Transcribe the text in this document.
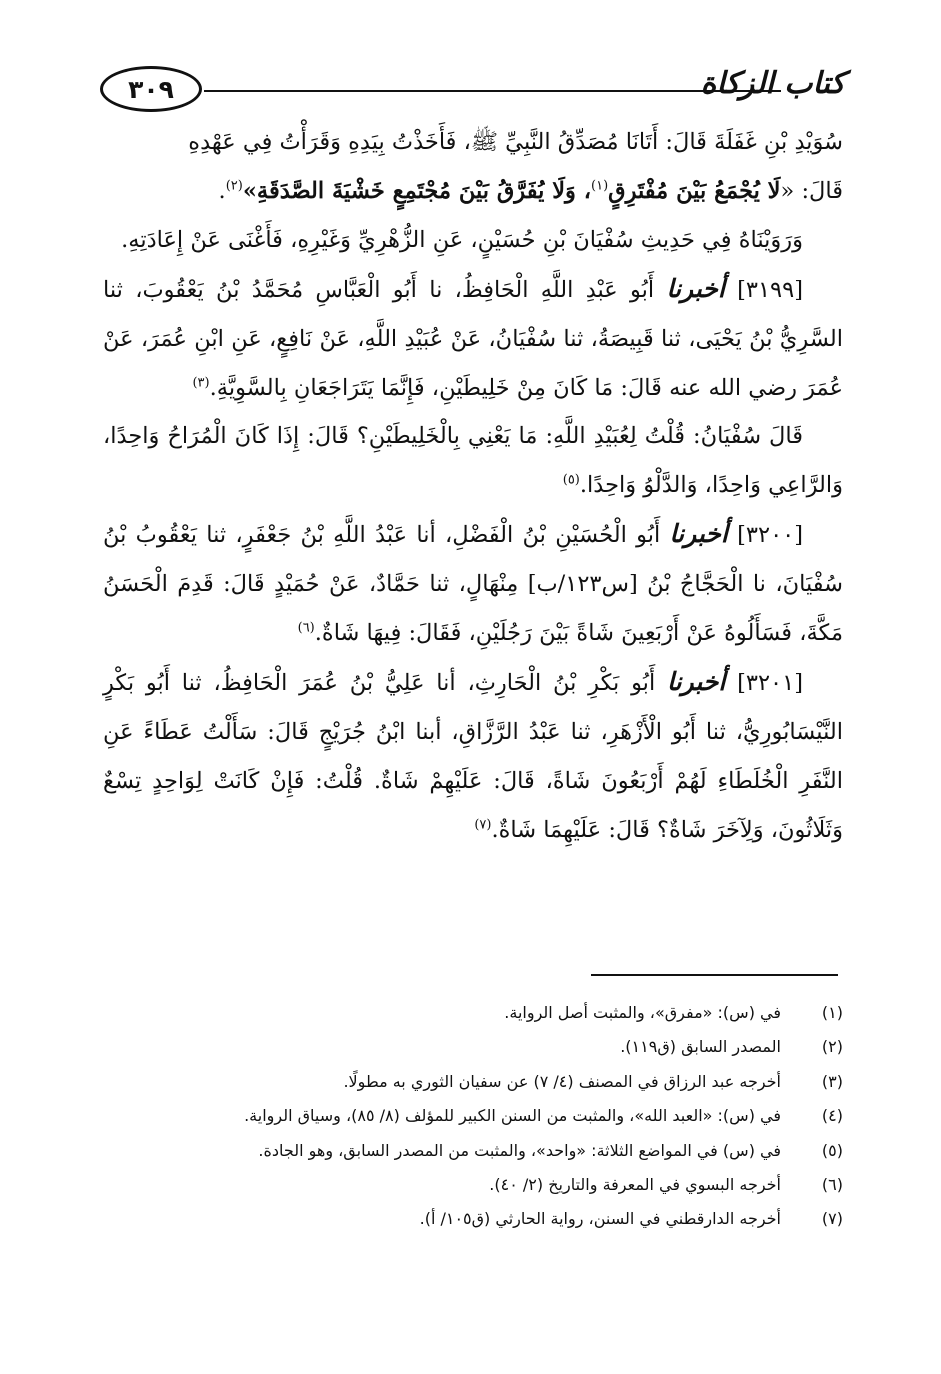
٣٠٩	كتاب الزكاة

سُوَيْدِ بْنِ غَفَلَةَ قَالَ: أَتَانَا مُصَدِّقُ النَّبِيِّ ﷺ، فَأَخَذْتُ بِيَدِهِ وَقَرَأْتُ فِي عَهْدِهِ
قَالَ: «لَا يُجْمَعُ بَيْنَ مُفْتَرِقٍ$^{(١)}$، وَلَا يُفَرَّقُ بَيْنَ مُجْتَمِعٍ خَشْيَةَ الصَّدَقَةِ»$^{(٢)}$.

وَرَوَيْنَاهُ فِي حَدِيثِ سُفْيَانَ بْنِ حُسَيْنٍ، عَنِ الزُّهْرِيِّ وَغَيْرِهِ، فَأَغْنَى عَنْ إِعَادَتِهِ.

[٣١٩٩] أخبرنا أَبُو عَبْدِ اللَّهِ الْحَافِظُ، نا أَبُو الْعَبَّاسِ مُحَمَّدُ بْنُ يَعْقُوبَ، ثنا السَّرِيُّ بْنُ يَحْيَى، ثنا قَبِيصَةُ، ثنا سُفْيَانُ، عَنْ عُبَيْدِ اللَّهِ، عَنْ نَافِعٍ، عَنِ ابْنِ عُمَرَ، عَنْ عُمَرَ رضي الله عنه قَالَ: مَا كَانَ مِنْ خَلِيطَيْنِ، فَإِنَّمَا يَتَرَاجَعَانِ بِالسَّوِيَّةِ.$^{(٣)}$

قَالَ سُفْيَانُ: قُلْتُ لِعُبَيْدِ اللَّهِ: مَا يَعْنِي بِالْخَلِيطَيْنِ؟ قَالَ: إِذَا كَانَ الْمُرَاحُ وَاحِدًا، وَالرَّاعِي وَاحِدًا، وَالدَّلْوُ وَاحِدًا.$^{(٥)}$

[٣٢٠٠] أخبرنا أَبُو الْحُسَيْنِ بْنُ الْفَضْلِ، أنا عَبْدُ اللَّهِ بْنُ جَعْفَرٍ، ثنا يَعْقُوبُ بْنُ سُفْيَانَ، نا الْحَجَّاجُ بْنُ [س١٢٣/ب] مِنْهَالٍ، ثنا حَمَّادٌ، عَنْ حُمَيْدٍ قَالَ: قَدِمَ الْحَسَنُ مَكَّةَ، فَسَأَلُوهُ عَنْ أَرْبَعِينَ شَاةً بَيْنَ رَجُلَيْنِ، فَقَالَ: فِيهَا شَاةٌ.$^{(٦)}$

[٣٢٠١] أخبرنا أَبُو بَكْرِ بْنُ الْحَارِثِ، أنا عَلِيُّ بْنُ عُمَرَ الْحَافِظُ، ثنا أَبُو بَكْرٍ النَّيْسَابُورِيُّ، ثنا أَبُو الْأَزْهَرِ، ثنا عَبْدُ الرَّزَّاقِ، أبنا ابْنُ جُرَيْجٍ قَالَ: سَأَلْتُ عَطَاءً عَنِ النَّفَرِ الْخُلَطَاءِ لَهُمْ أَرْبَعُونَ شَاةً، قَالَ: عَلَيْهِمْ شَاةٌ. قُلْتُ: فَإِنْ كَانَتْ لِوَاحِدٍ تِسْعٌ وَثَلَاثُونَ، وَلِآخَرَ شَاةٌ؟ قَالَ: عَلَيْهِمَا شَاةٌ.$^{(٧)}$

(١)
في (س): «مفرق»، والمثبت أصل الرواية.
(٢)
المصدر السابق (ق١١٩).
(٣)
أخرجه عبد الرزاق في المصنف (٤/ ٧) عن سفيان الثوري به مطولًا.
(٤)
في (س): «العبد الله»، والمثبت من السنن الكبير للمؤلف (٨/ ٨٥)، وسياق الرواية.
(٥)
في (س) في المواضع الثلاثة: «واحد»، والمثبت من المصدر السابق، وهو الجادة.
(٦)
أخرجه البسوي في المعرفة والتاريخ (٢/ ٤٠).
(٧)
أخرجه الدارقطني في السنن، رواية الحارثي (ق١٠٥/ أ).
